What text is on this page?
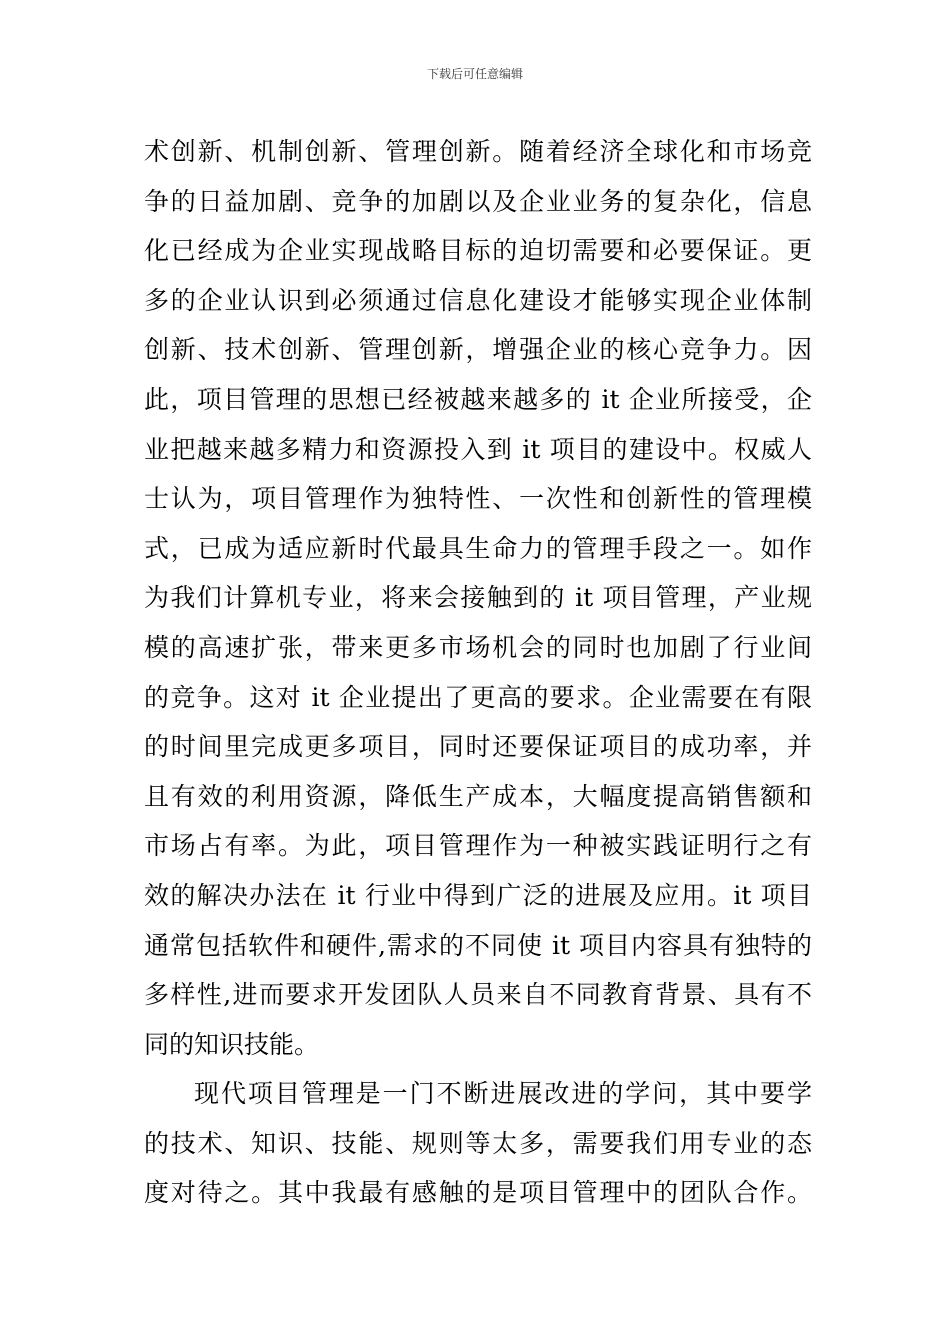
下载后可任意编辑
术创新、机制创新、管理创新。随着经济全球化和市场竞
争的日益加剧、竞争的加剧以及企业业务的复杂化，信息
化已经成为企业实现战略目标的迫切需要和必要保证。更
多的企业认识到必须通过信息化建设才能够实现企业体制
创新、技术创新、管理创新，增强企业的核心竞争力。因
此，项目管理的思想已经被越来越多的 it 企业所接受，企
业把越来越多精力和资源投入到 it 项目的建设中。权威人
士认为，项目管理作为独特性、一次性和创新性的管理模
式，已成为适应新时代最具生命力的管理手段之一。如作
为我们计算机专业，将来会接触到的 it 项目管理，产业规
模的高速扩张，带来更多市场机会的同时也加剧了行业间
的竞争。这对 it 企业提出了更高的要求。企业需要在有限
的时间里完成更多项目，同时还要保证项目的成功率，并
且有效的利用资源，降低生产成本，大幅度提高销售额和
市场占有率。为此，项目管理作为一种被实践证明行之有
效的解决办法在 it 行业中得到广泛的进展及应用。it 项目
通常包括软件和硬件,需求的不同使 it 项目内容具有独特的
多样性,进而要求开发团队人员来自不同教育背景、具有不
同的知识技能。
现代项目管理是一门不断进展改进的学问，其中要学
的技术、知识、技能、规则等太多，需要我们用专业的态
度对待之。其中我最有感触的是项目管理中的团队合作。
